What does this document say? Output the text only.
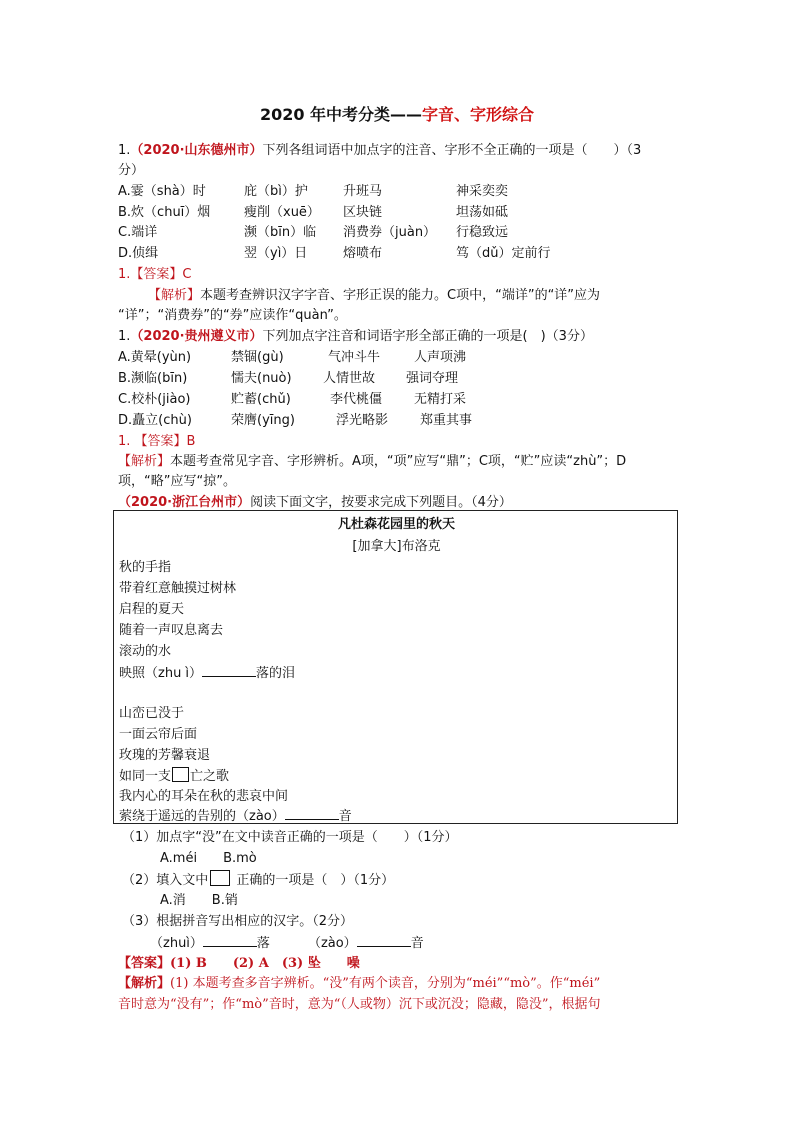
2020 年中考分类——字音、字形综合
1.（2020·山东德州市）下列各组词语中加点字的注音、字形不全正确的一项是（　　）（3
分）
A.霎（shà）时	庇（bì）护	升班马	神采奕奕
B.炊（chuī）烟	瘦削（xuē） 区块链	坦荡如砥
C.端详	濒（bīn）临 消费券（juàn） 行稳致远
D.侦缉	翌（yì）日	熔喷布	笃（dǔ）定前行
1.【答案】C
【解析】本题考查辨识汉字字音、字形正误的能力。C项中，“端详”的“详”应为
“详”；“消费券”的“券”应读作“quàn”。
1.（2020·贵州遵义市）下列加点字注音和词语字形全部正确的一项是(　)（3分）
A.黄晕(yùn)	禁锢(gù)	气冲斗牛	人声项沸
B.濒临(bīn)	懦夫(nuò) 人情世故 强词夺理
C.校朴(jiào)	贮蓄(chǔ)	李代桃僵 无精打采
D.矗立(chù)	荣膺(yīng)	浮光略影 郑重其事
1. 【答案】B
【解析】本题考查常见字音、字形辨析。A项，“项”应写“鼎”；C项，“贮”应读“zhù”；D
项，“略”应写“掠”。
（2020·浙江台州市）阅读下面文字，按要求完成下列题目。（4分）
凡杜森花园里的秋天
[加拿大]布洛克
秋的手指
带着红意触摸过树林
启程的夏天
随着一声叹息离去
滚动的水
映照（zhu ì）	落的泪
山峦已没于
一面云帘后面
玫瑰的芳馨衰退
如同一支 亡之歌
我内心的耳朵在秋的悲哀中间
萦绕于遥远的告别的（zào）	音
（1）加点字“没”在文中读音正确的一项是（　　）（1分）
A.méi　　B.mò
（2）填入文中 正确的一项是（　）（1分）
A.消　　B.销
（3）根据拼音写出相应的汉字。（2分）
（zhuì）	落	（zào）	音
【答案】(1) B　　(2) A　(3) 坠　　噪
【解析】(1) 本题考查多音字辨析。“没”有两个读音，分别为“méi”“mò”。作“méi”
音时意为“没有”；作“mò”音时，意为“（人或物）沉下或沉没；隐藏，隐没”，根据句
